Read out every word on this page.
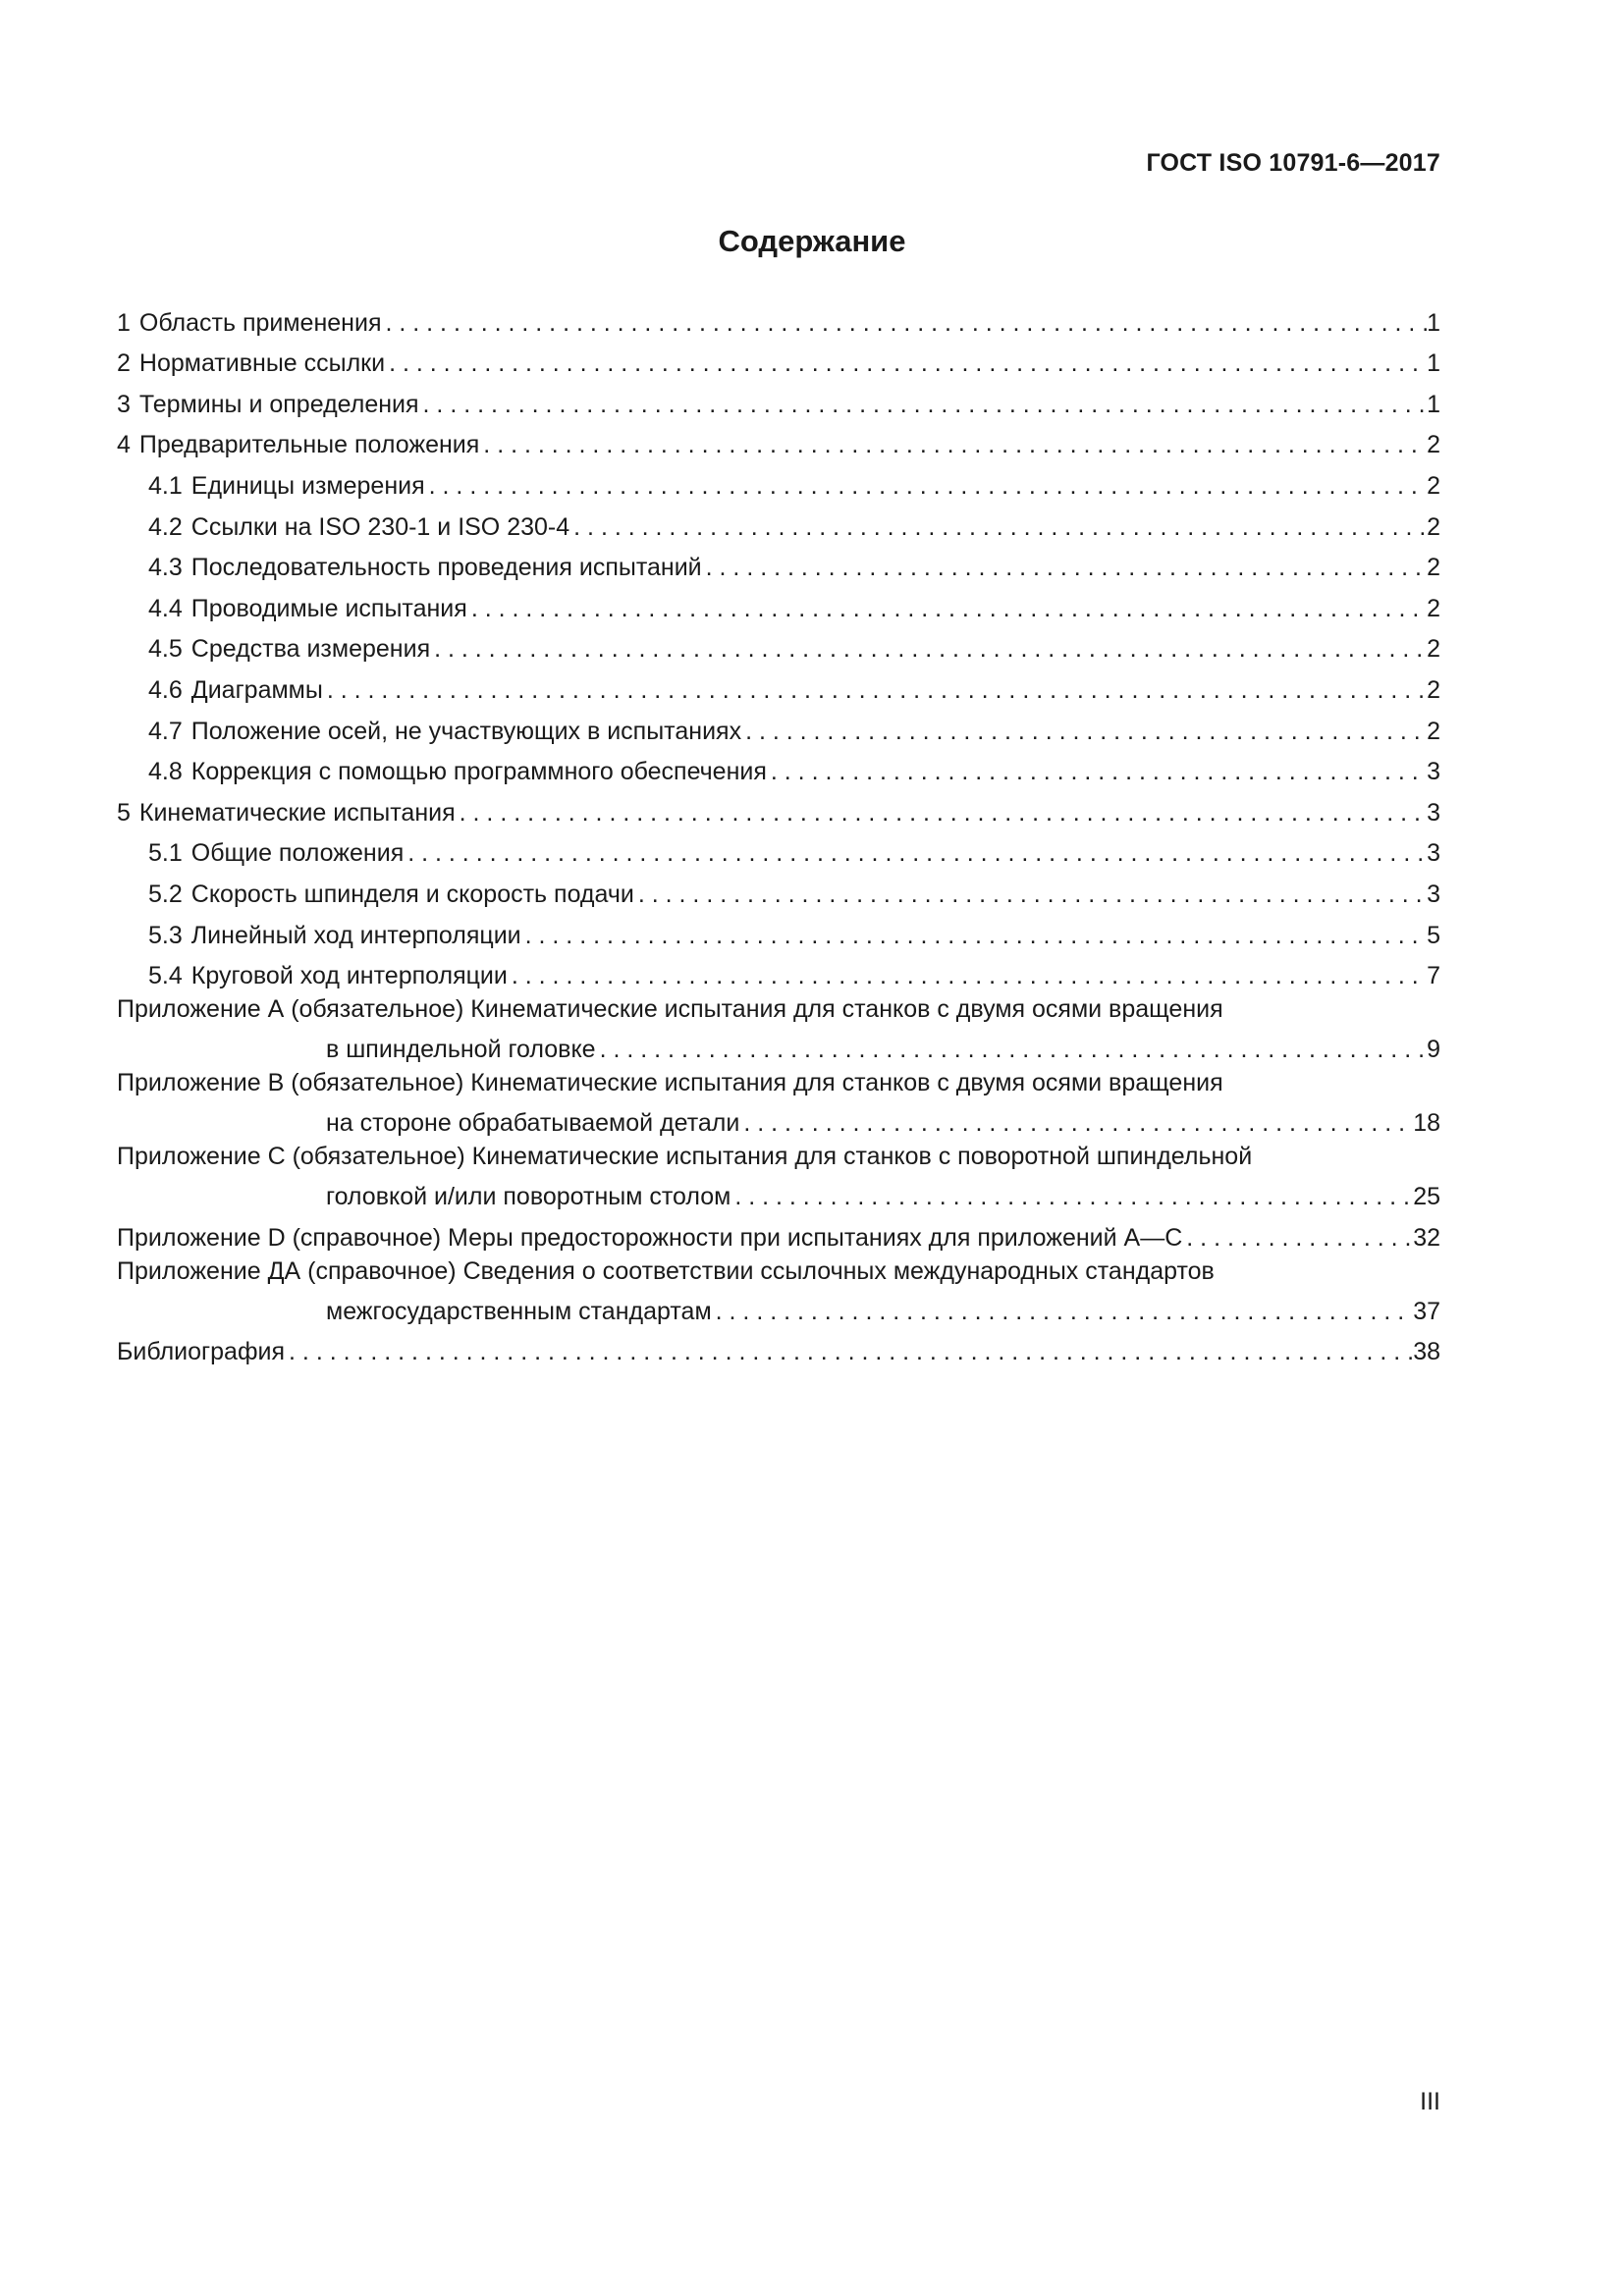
ГОСТ ISO 10791-6—2017
Содержание
1 Область применения . . .	1
2 Нормативные ссылки . . .	1
3 Термины и определения . . .	1
4 Предварительные положения . . .	2
4.1 Единицы измерения . . .	2
4.2 Ссылки на ISO 230-1 и ISO 230-4 . . .	2
4.3 Последовательность проведения испытаний . . .	2
4.4 Проводимые испытания . . .	2
4.5 Средства измерения . . .	2
4.6 Диаграммы . . .	2
4.7 Положение осей, не участвующих в испытаниях . . .	2
4.8 Коррекция с помощью программного обеспечения . . .	3
5 Кинематические испытания . . .	3
5.1 Общие положения . . .	3
5.2 Скорость шпинделя и скорость подачи . . .	3
5.3 Линейный ход интерполяции . . .	5
5.4 Круговой ход интерполяции . . .	7
Приложение А (обязательное) Кинематические испытания для станков с двумя осями вращения
в шпиндельной головке . . .	9
Приложение В (обязательное) Кинематические испытания для станков с двумя осями вращения
на стороне обрабатываемой детали . . .	18
Приложение С (обязательное) Кинематические испытания для станков с поворотной шпиндельной
головкой и/или поворотным столом . . .	25
Приложение D (справочное) Меры предосторожности при испытаниях для приложений А—С . . .	32
Приложение ДА (справочное) Сведения о соответствии ссылочных международных стандартов
межгосударственным стандартам . . .	37
Библиография . . .	38
III
